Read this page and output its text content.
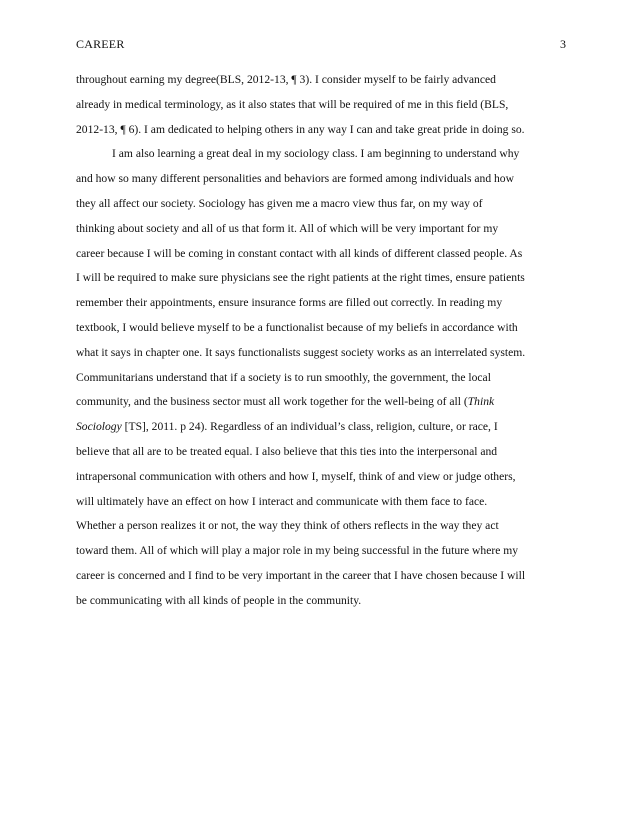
CAREER	3
throughout earning my degree(BLS, 2012-13, ¶ 3). I consider myself to be fairly advanced
already in medical terminology, as it also states that will be required of me in this field (BLS,
2012-13, ¶ 6). I am dedicated to helping others in any way I can and take great pride in doing so.
I am also learning a great deal in my sociology class. I am beginning to understand why
and how so many different personalities and behaviors are formed among individuals and how
they all affect our society. Sociology has given me a macro view thus far, on my way of
thinking about society and all of us that form it. All of which will be very important for my
career because I will be coming in constant contact with all kinds of different classed people. As
I will be required to make sure physicians see the right patients at the right times, ensure patients
remember their appointments, ensure insurance forms are filled out correctly. In reading my
textbook, I would believe myself to be a functionalist because of my beliefs in accordance with
what it says in chapter one. It says functionalists suggest society works as an interrelated system.
Communitarians understand that if a society is to run smoothly, the government, the local
community, and the business sector must all work together for the well-being of all (Think
Sociology [TS], 2011. p 24). Regardless of an individual’s class, religion, culture, or race, I
believe that all are to be treated equal. I also believe that this ties into the interpersonal and
intrapersonal communication with others and how I, myself, think of and view or judge others,
will ultimately have an effect on how I interact and communicate with them face to face.
Whether a person realizes it or not, the way they think of others reflects in the way they act
toward them. All of which will play a major role in my being successful in the future where my
career is concerned and I find to be very important in the career that I have chosen because I will
be communicating with all kinds of people in the community.
